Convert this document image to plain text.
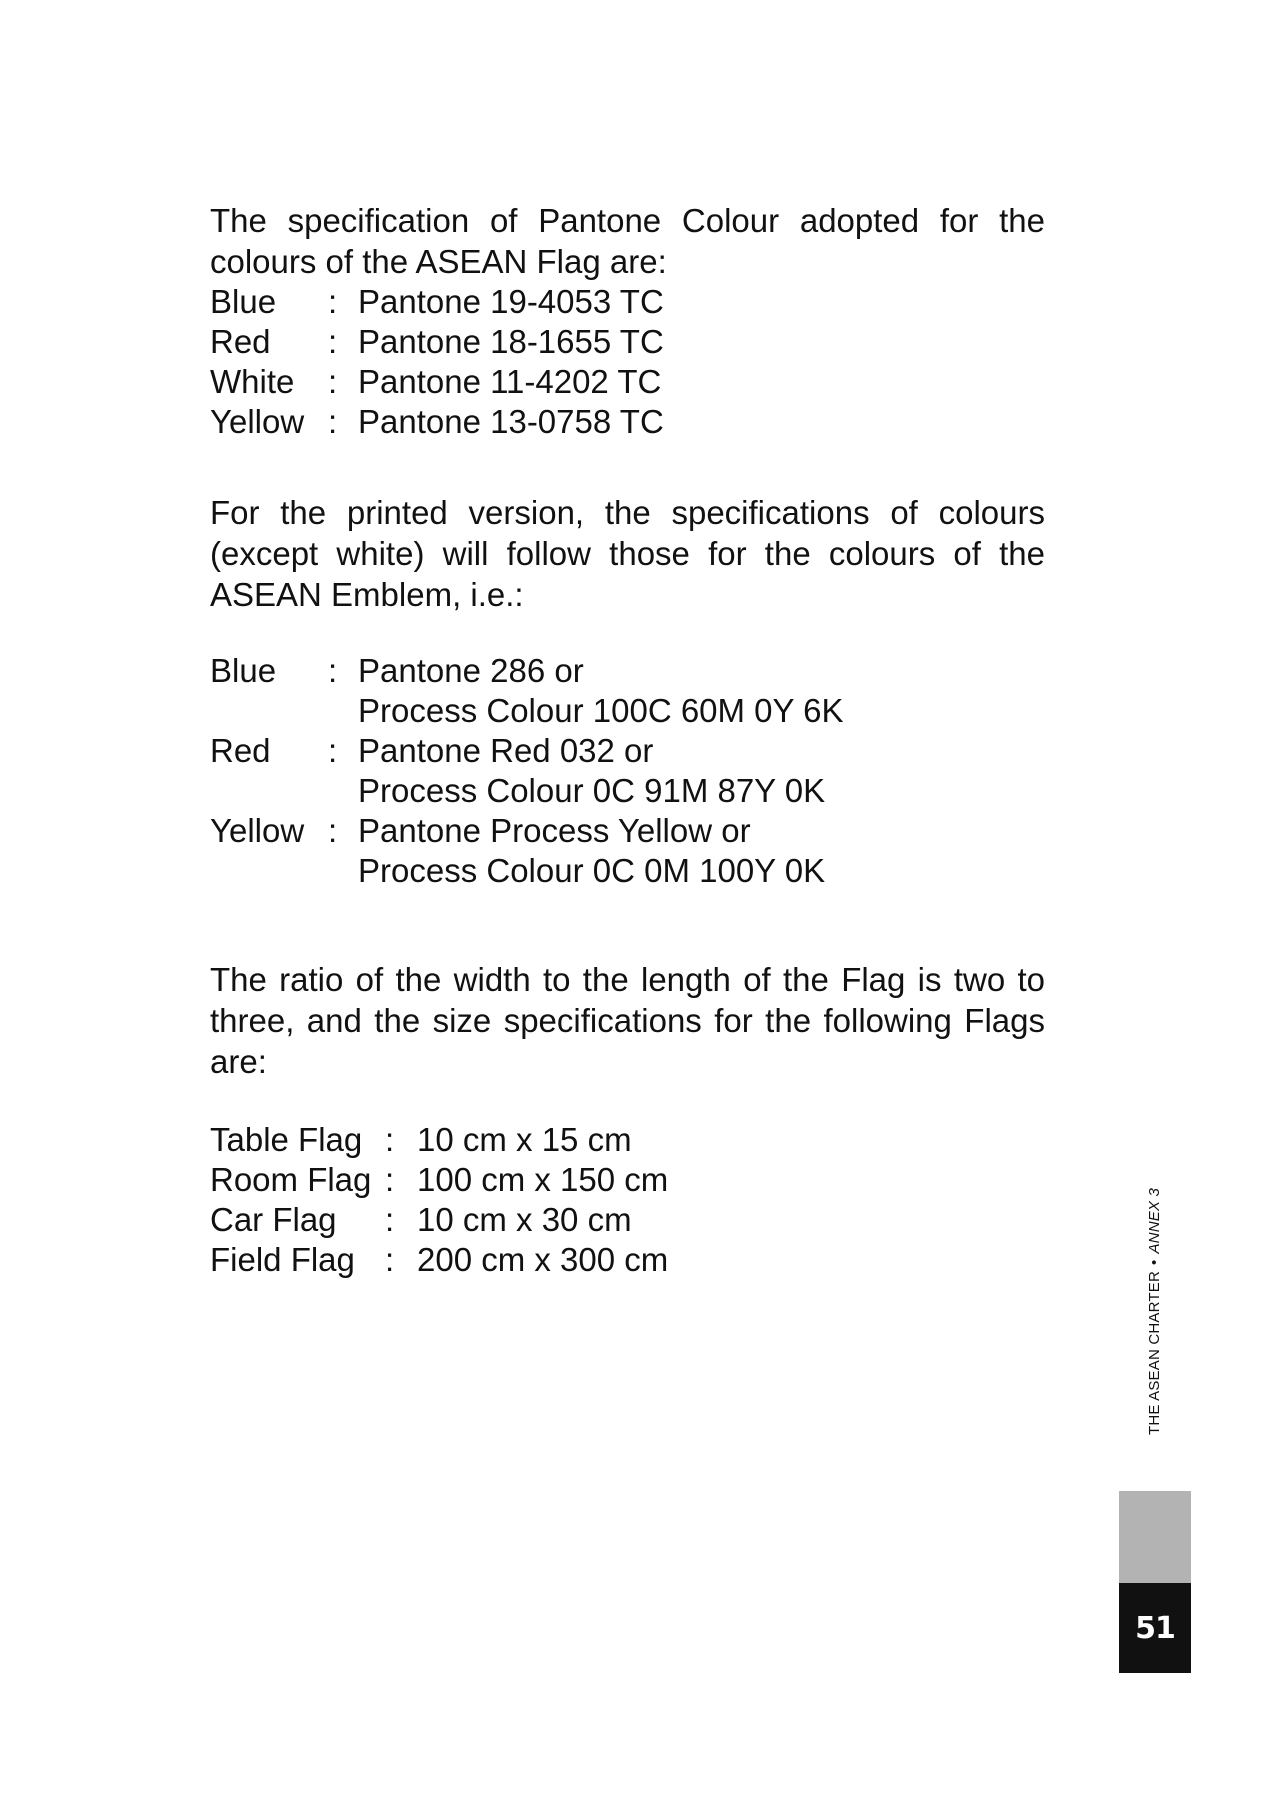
The specification of Pantone Colour adopted for the colours of the ASEAN Flag are:

Blue	:	Pantone 19-4053 TC
Red	:	Pantone 18-1655 TC
White	:	Pantone 11-4202 TC
Yellow	:	Pantone 13-0758 TC

For the printed version, the specifications of colours (except white) will follow those for the colours of the ASEAN Emblem, i.e.:

Blue	:	Pantone 286 or
Process Colour 100C 60M 0Y 6K

Red	:	Pantone Red 032 or
Process Colour 0C 91M 87Y 0K

Yellow	:	Pantone Process Yellow or
Process Colour 0C 0M 100Y 0K

The ratio of the width to the length of the Flag is two to three, and the size specifications for the following Flags are:

Table Flag	:	10 cm x 15 cm
Room Flag	:	100 cm x 150 cm
Car Flag	:	10 cm x 30 cm
Field Flag	:	200 cm x 300 cm
THE ASEAN CHARTER•ANNEX 3
51
